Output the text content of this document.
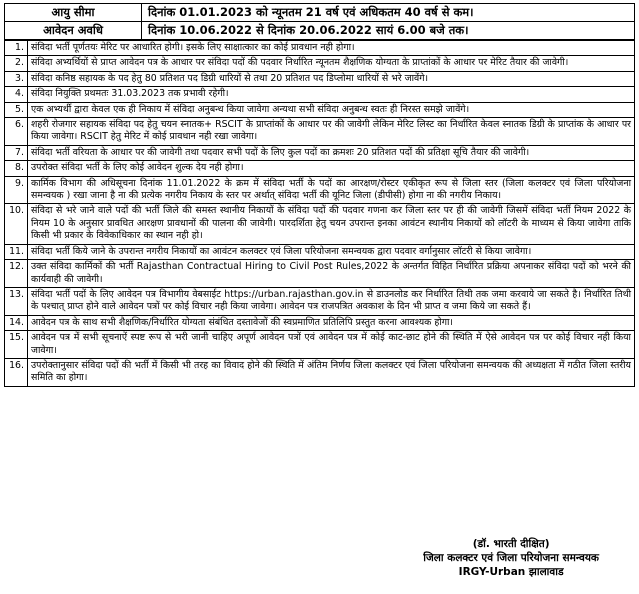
आयु सीमा	दिनांक 01.01.2023 को न्यूनतम 21 वर्ष एवं अधिकतम 40 वर्ष से कम।
आवेदन अवधि	दिनांक 10.06.2022 से दिनांक 20.06.2022 सायं 6.00 बजे तक।
1.	संविदा भर्ती पूर्णतयः मेरिट पर आधारित होगी। इसके लिए साक्षात्कार का कोई प्रावधान नही होगा।
2.	संविदा अभ्यर्थियों से प्राप्त आवेदन पत्र के आधार पर संविदा पदों की पदवार निर्धारित न्यूनतम शैक्षणिक योग्यता के प्राप्तांकों के आधार पर मेरिट तैयार की जावेगी।
3.	संविदा कनिष्ठ सहायक के पद हेतु 80 प्रतिशत पद डिग्री धारियों से तथा 20 प्रतिशत पद डिप्लोमा धारियों से भरे जावेंगे।
4.	संविदा नियुक्ति प्रथमतः 31.03.2023 तक प्रभावी रहेगी।
5.	एक अभ्यर्थी द्वारा केवल एक ही निकाय में संविदा अनुबन्ध किया जावेगा अन्यथा सभी संविदा अनुबन्ध स्वतः ही निरस्त समझे जावेंगे।
6.	शहरी रोजगार सहायक संविदा पद हेतु चयन स्नातक+ RSCIT के प्राप्तांकों के आधार पर की जावेगी लेकिन मेरिट लिस्ट का निर्धारित केवल स्नातक डिग्री के प्राप्तांक के आधार पर किया जावेगा। RSCIT हेतु मेरिट में कोई प्रावधान नही रखा जावेगा।
7.	संविदा भर्ती वरियता के आधार पर की जावेगी तथा पदवार सभी पदों के लिए कुल पदों का क्रमशः 20 प्रतिशत पदों की प्रतिक्षा सूचि तैयार की जावेगी।
8.	उपरोक्त संविदा भर्ती के लिए कोई आवेदन शुल्क देय नही होगा।
9.	कार्मिक विभाग की अधिसूचना दिनांक 11.01.2022 के क्रम में संविदा भर्ती के पदों का आरक्षण/रोस्टर एकीकृत रूप से जिला स्तर (जिला कलक्टर एवं जिला परियोजना समन्वयक ) रखा जाना है ना की प्रत्येक नगरीय निकाय के स्तर पर अर्थात् संविदा भर्ती की यूनिट जिला (डीपीसी) होगा ना की नगरीय निकाय।
10.	संविदा से भरे जाने वाले पदों की भर्ती जिले की समस्त स्थानीय निकायों के संविदा पदों की पदवार गणना कर जिला स्तर पर ही की जावेगी जिसमें संविदा भर्ती नियम 2022 के नियम 10 के अनुसार प्रावधित आरक्षण प्रावधानों की पालना की जावेगी। पारदर्शिता हेतु चयन उपरान्त इनका आवंटन स्थानीय निकायों को लॉटरी के माध्यम से किया जावेगा ताकि किसी भी प्रकार के विवेकाधिकार का स्थान नही हो।
11.	संविदा भर्ती किये जाने के उपरान्त नगरीय निकायों का आवंटन कलक्टर एवं जिला परियोजना समन्वयक द्वारा पदवार वर्गानुसार लॉटरी से किया जावेगा।
12.	उक्त संविदा कार्मिकों की भर्ती Rajasthan Contractual Hiring to Civil Post Rules,2022 के अन्तर्गत विहित निर्धारित प्रक्रिया अपनाकर संविदा पदों को भरने की कार्यवाही की जावेगी।
13.	संविदा भर्ती पदों के लिए आवेदन पत्र विभागीय वेबसाईट https://urban.rajasthan.gov.in से डाउनलोड कर निर्धारित तिथी तक जमा करवाये जा सकते है। निर्धारित तिथी के पश्चात् प्राप्त होने वाले आवेदन पत्रों पर कोई विचार नही किया जावेगा। आवेदन पत्र राजपत्रित अवकाश के दिन भी प्राप्त व जमा किये जा सकते हैं।
14.	आवेदन पत्र के साथ सभी शैक्षणिक/निर्धारित योग्यता संबंधित दस्तावेजों की स्वप्रमाणित प्रतिलिपि प्रस्तुत करना आवश्यक होगा।
15.	आवेदन पत्र में सभी सूचनाऐं स्पष्ट रूप से भरी जानी चाहिए अपूर्ण आवेदन पत्रों एवं आवेदन पत्र में कोई काट-छाट होने की स्थिति में ऐसे आवेदन पत्र पर कोई विचार नही किया जावेगा।
16.	उपरोक्तानुसार संविदा पदों की भर्ती में किसी भी तरह का विवाद होने की स्थिति में अंतिम निर्णय जिला कलक्टर एवं जिला परियोजना समन्वयक की अध्यक्षता में गठीत जिला स्तरीय समिति का होगा।
(डॉ. भारती दीक्षित)
जिला कलक्टर एवं जिला परियोजना समन्वयक
IRGY-Urban झालावाड
